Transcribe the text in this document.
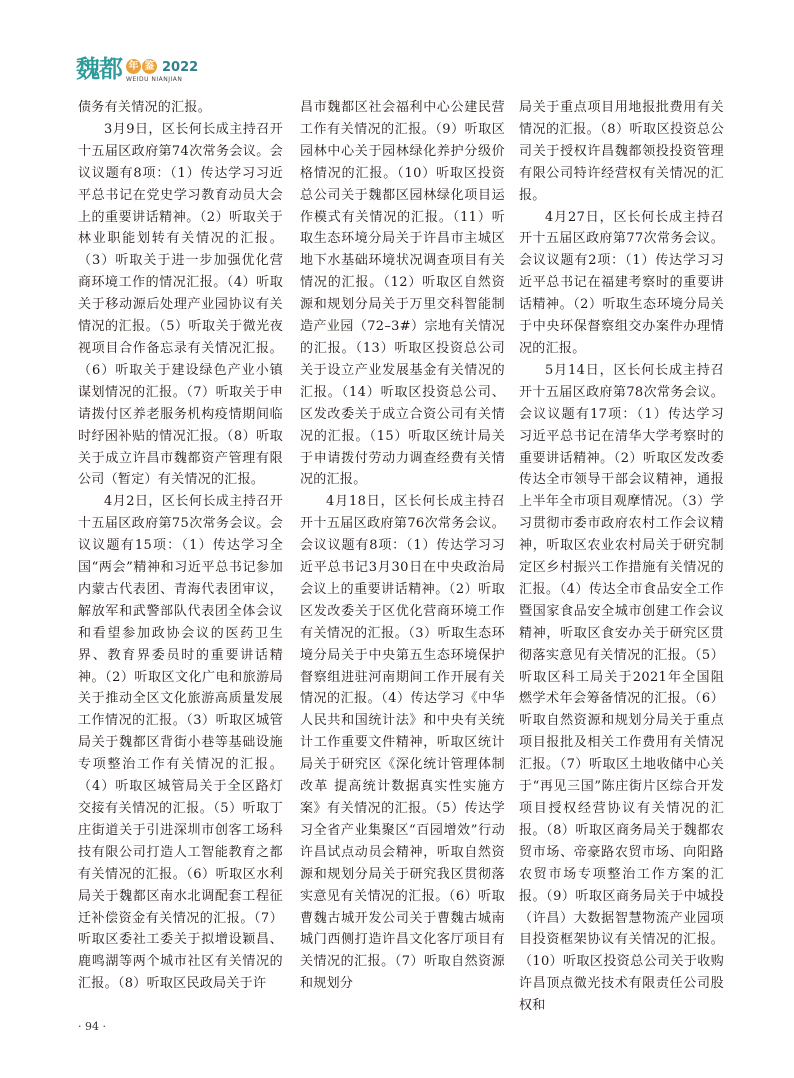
魏都 年 鉴 2022
WEIDU NIANJIAN

债务有关情况的汇报。

3月9日，区长何长成主持召开十五届区政府第74次常务会议。会议议题有8项：（1）传达学习习近平总书记在党史学习教育动员大会上的重要讲话精神。（2）听取关于林业职能划转有关情况的汇报。（3）听取关于进一步加强优化营商环境工作的情况汇报。（4）听取关于移动源后处理产业园协议有关情况的汇报。（5）听取关于微光夜视项目合作备忘录有关情况汇报。（6）听取关于建设绿色产业小镇谋划情况的汇报。（7）听取关于申请拨付区养老服务机构疫情期间临时纾困补贴的情况汇报。（8）听取关于成立许昌市魏都资产管理有限公司（暂定）有关情况的汇报。

4月2日，区长何长成主持召开十五届区政府第75次常务会议。会议议题有15项：（1）传达学习全国“两会”精神和习近平总书记参加内蒙古代表团、青海代表团审议，解放军和武警部队代表团全体会议和看望参加政协会议的医药卫生界、教育界委员时的重要讲话精神。（2）听取区文化广电和旅游局关于推动全区文化旅游高质量发展工作情况的汇报。（3）听取区城管局关于魏都区背街小巷等基础设施专项整治工作有关情况的汇报。（4）听取区城管局关于全区路灯交接有关情况的汇报。（5）听取丁庄街道关于引进深圳市创客工场科技有限公司打造人工智能教育之都有关情况的汇报。（6）听取区水利局关于魏都区南水北调配套工程征迁补偿资金有关情况的汇报。（7）听取区委社工委关于拟增设颖昌、鹿鸣湖等两个城市社区有关情况的汇报。（8）听取区民政局关于许

昌市魏都区社会福利中心公建民营工作有关情况的汇报。（9）听取区园林中心关于园林绿化养护分级价格情况的汇报。（10）听取区投资总公司关于魏都区园林绿化项目运作模式有关情况的汇报。（11）听取生态环境分局关于许昌市主城区地下水基础环境状况调查项目有关情况的汇报。（12）听取区自然资源和规划分局关于万里交科智能制造产业园（72–3#）宗地有关情况的汇报。（13）听取区投资总公司关于设立产业发展基金有关情况的汇报。（14）听取区投资总公司、区发改委关于成立合资公司有关情况的汇报。（15）听取区统计局关于申请拨付劳动力调查经费有关情况的汇报。

4月18日，区长何长成主持召开十五届区政府第76次常务会议。会议议题有8项：（1）传达学习习近平总书记3月30日在中央政治局会议上的重要讲话精神。（2）听取区发改委关于区优化营商环境工作有关情况的汇报。（3）听取生态环境分局关于中央第五生态环境保护督察组进驻河南期间工作开展有关情况的汇报。（4）传达学习《中华人民共和国统计法》和中央有关统计工作重要文件精神，听取区统计局关于研究区《深化统计管理体制改革 提高统计数据真实性实施方案》有关情况的汇报。（5）传达学习全省产业集聚区“百园增效”行动许昌试点动员会精神，听取自然资源和规划分局关于研究我区贯彻落实意见有关情况的汇报。（6）听取曹魏古城开发公司关于曹魏古城南城门西侧打造许昌文化客厅项目有关情况的汇报。（7）听取自然资源和规划分

局关于重点项目用地报批费用有关情况的汇报。（8）听取区投资总公司关于授权许昌魏都领投投资管理有限公司特许经营权有关情况的汇报。

4月27日，区长何长成主持召开十五届区政府第77次常务会议。会议议题有2项：（1）传达学习习近平总书记在福建考察时的重要讲话精神。（2）听取生态环境分局关于中央环保督察组交办案件办理情况的汇报。

5月14日，区长何长成主持召开十五届区政府第78次常务会议。会议议题有17项：（1）传达学习习近平总书记在清华大学考察时的重要讲话精神。（2）听取区发改委传达全市领导干部会议精神，通报上半年全市项目观摩情况。（3）学习贯彻市委市政府农村工作会议精神，听取区农业农村局关于研究制定区乡村振兴工作措施有关情况的汇报。（4）传达全市食品安全工作暨国家食品安全城市创建工作会议精神，听取区食安办关于研究区贯彻落实意见有关情况的汇报。（5）听取区科工局关于2021年全国阻燃学术年会筹备情况的汇报。（6）听取自然资源和规划分局关于重点项目报批及相关工作费用有关情况汇报。（7）听取区土地收储中心关于“再见三国”陈庄街片区综合开发项目授权经营协议有关情况的汇报。（8）听取区商务局关于魏都农贸市场、帝豪路农贸市场、向阳路农贸市场专项整治工作方案的汇报。（9）听取区商务局关于中城投（许昌）大数据智慧物流产业园项目投资框架协议有关情况的汇报。（10）听取区投资总公司关于收购许昌顶点微光技术有限责任公司股权和

· 94 ·
